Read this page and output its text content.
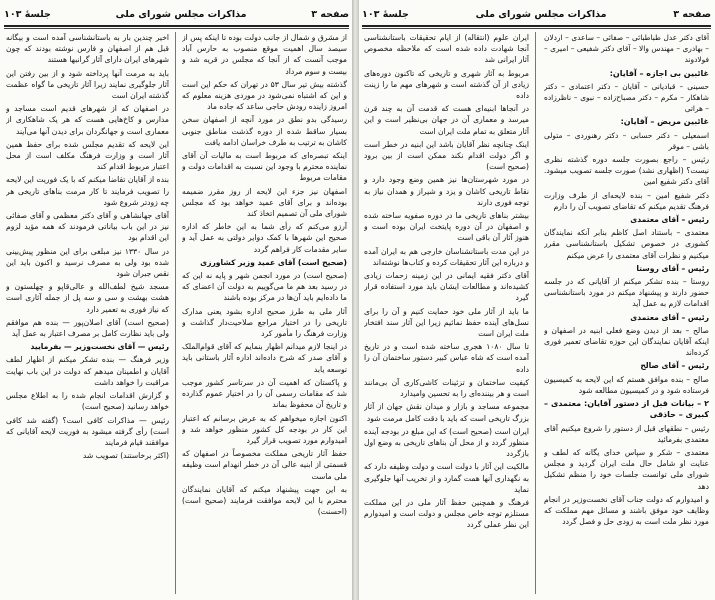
صفحه ۳
مذاکرات مجلس شورای ملی
جلسهٔ ۱۰۳

از مشرق و شمال از جانب دولت بوده تا اینکه پس از سیصد سال اهمیت موقع منصوب به حارس آباد موجب آنست که از آنجا که مجلس در قریه شد و بیست و سوم مرداد

گذشته بیش تیر سال ۵۳ در تهران که حکم این است و این که اشتباه نمی‌شود در موردی هزینه معلوم که امروز زاینده رودش حاجی ساعد که جاده ماد

رسیدگی بدو نطق در مورد آنچه از اصفهان سخن بسیار ساقط شده از دوره گذشت مناطق جنوبی کاشان به ترتیب به طرف خراسان ادامه یافت

اینکه تبصره‌ای که مربوط است به مالیات آن آقای نماینده محترم با وجود این نسبت به اقدامات دولت و مقامات مربوط

اصفهان نیز جزء این لایحه از روز مقرر ضمیمه بوده‌اند و برای آقای عمید خواهد بود که مجلس شورای ملی آن تصمیم اتخاذ کند

آرزو می‌کنم که رأی شما به این خاطر که اداره صحیح این شهرها با کمک دوایر دولتی به عمل آید و سایر مقدمات کار فراهم گردد

(صحیح است) آقای عمید وزیر کشاورزی

(صحیح است) در مورد انجمن شهر و پایه نه این که در رسید بعد هم ما می‌گوییم به دولت آن اعضای که ما داده‌ایم باید آن‌ها در مرکز بوده باشند

آثار ملی به طرز صحیح اداره بشود یعنی مدارک تاریخی را در اختیار مراجع صلاحیت‌دار گذاشت و وزارت فرهنگ را مأمور کرد

در اینجا لازم میدانم اظهار بنمایم که آقای قوام‌الملک و آقای صدر که شرح داده‌اند اداره آثار باستانی باید توسعه یابد

و پاکستان که اهمیت آن در سرتاسر کشور موجب شد که مقامات رسمی آن را در اختیار عموم گذارده و تاریخ آن محفوظ بماند

اکنون اجازه میخواهم که به عرض برسانم که اعتبار این کار در بودجه کل کشور منظور خواهد شد و امیدوارم مورد تصویب قرار گیرد

حفظ آثار تاریخی مملکت مخصوصاً در اصفهان که قسمتی از ابنیه عالی آن در خطر انهدام است وظیفه ملی ماست

به این جهت پیشنهاد میکنم که آقایان نمایندگان محترم با این لایحه موافقت فرمایند (صحیح است) (احسنت)

اخیر چندین بار به باستانشناسی آمده است و بیگانه قبل هم از اصفهان و فارس نوشته بودند که چون شهرهای ایران دارای آثار گرانبها هستند

باید به مرمت آنها پرداخته شود و از بین رفتن این آثار جلوگیری نمایند زیرا آثار تاریخی ما گواه عظمت گذشته ایران است

در اصفهان که از شهرهای قدیم است مساجد و مدارس و کاخ‌هایی هست که هر یک شاهکاری از معماری است و جهانگردان برای دیدن آنها می‌آیند

این لایحه که تقدیم مجلس شده برای حفظ همین آثار است و وزارت فرهنگ مکلف است از محل اعتبار مربوط اقدام کند

بنده از آقایان تقاضا میکنم که با یک فوریت این لایحه را تصویب فرمایند تا کار مرمت بناهای تاریخی هر چه زودتر شروع شود

آقای جهانشاهی و آقای دکتر معظمی و آقای صفائی نیز در این باب بیاناتی فرمودند که همه مؤید لزوم این اقدام بود

در سال ۱۳۳۰ نیز مبلغی برای این منظور پیش‌بینی شده بود ولی به مصرف نرسید و اکنون باید این نقص جبران شود

مسجد شیخ لطف‌الله و عالی‌قاپو و چهلستون و هشت بهشت و سی و سه پل از جمله آثاری است که نیاز فوری به تعمیر دارد

(صحیح است) آقای اصلان‌پور — بنده هم موافقم ولی باید نظارت کامل بر مصرف اعتبار به عمل آید

رئیس — آقای نخست‌وزیر — بفرمایید

وزیر فرهنگ — بنده تشکر میکنم از اظهار لطف آقایان و اطمینان میدهم که دولت در این باب نهایت مراقبت را خواهد داشت

و گزارش اقدامات انجام شده را به اطلاع مجلس خواهد رسانید (صحیح است)

رئیس — مذاکرات کافی است؟ (گفته شد کافی است) رأی گرفته میشود به فوریت لایحه آقایانی که موافقند قیام فرمایند

(اکثر برخاستند) تصویب شد

صفحه ۳
مذاکرات مجلس شورای ملی
جلسهٔ ۱۰۳

آقای دکتر عدل طباطبائی – صفائی – ساعدی – اردلان – بهادری – مهندس والا – آقای دکتر شفیعی – امیری – فولادوند

غائبین بی اجازه – آقایان:

حسینی – قبادیانی – آقایان – دکتر اعتمادی – دکتر شاهکار – مکرم – دکتر مصباح‌زاده – نبوی – ناظرزاده – هراتی

غائبین مریض – آقایان:

اسمعیلی – دکتر حسابی – دکتر رهنوردی – متولی باشی – موقر

رئیس – راجع بصورت جلسه دوره گذشته نظری نیست؟ (اظهاری نشد) صورت جلسه تصویب میشود. آقای دکتر شفیع امین

دکتر شفیع امین – بنده لایحه‌ای از طرف وزارت فرهنگ تقدیم میکنم که تقاضای تصویب آن را دارم

رئیس – آقای معتمدی

معتمدی – باستناد اصل کاظم بنابر آنکه نمایندگان کشوری در خصوص تشکیل باستانشناسی مقرر میکنیم و نظرات آقای معتمدی را عرض میکنم

رئیس – آقای روستا

روستا – بنده تشکر میکنم از آقایانی که در جلسه حضور دارند و پیشنهاد میکنم در مورد باستانشناسی اقدامات لازم به عمل آید

رئیس – آقای معتمدی

صالح – بعد از دیدن وضع فعلی ابنیه در اصفهان و اینکه آقایان نمایندگان این حوزه تقاضای تعمیر فوری کرده‌اند

رئیس – آقای صالح

صالح – بنده موافق هستم که این لایحه به کمیسیون فرستاده شود و در کمیسیون مطالعه شود

۲ – بیانات قبل از دستور آقایان: معتمدی – کبیری – حاذقی

رئیس – نطقهای قبل از دستور را شروع میکنیم آقای معتمدی بفرمائید

معتمدی – شکر و سپاس خدای یگانه که لطف و عنایت او شامل حال ملت ایران گردید و مجلس شورای ملی توانست جلسات خود را منظم تشکیل دهد

و امیدوارم که دولت جناب آقای نخست‌وزیر در انجام وظایف خود موفق باشند و مسائل مهم مملکت که مورد نظر ملت است به زودی حل و فصل گردد

ایران علوم (انتقاله) از ایام تحقیقات باستانشناسی آنجا شهادت داده شده است که ملاحظه مخصوص آثار ایرانی شد

مربوط به آثار شهری و تاریخی که تاکنون دوره‌های زیادی از آن گذشته است و شهرهای مهم ما را زینت داده

در آنجاها ابنیه‌ای هست که قدمت آن به چند قرن میرسد و معماری آن در جهان بی‌نظیر است و این آثار متعلق به تمام ملت ایران است

اینک چنانچه نظر آقایان باشد این ابنیه در خطر است و اگر دولت اقدام نکند ممکن است از بین برود (صحیح است)

در مورد شهرستان‌ها نیز همین وضع وجود دارد و نقاط تاریخی کاشان و یزد و شیراز و همدان نیاز به توجه فوری دارند

بیشتر بناهای تاریخی ما در دوره صفویه ساخته شده و اصفهان در آن دوره پایتخت ایران بوده است و هنوز آثار آن باقی است

در این مدت باستانشناسان خارجی هم به ایران آمده و درباره این آثار تحقیقات کرده و کتاب‌ها نوشته‌اند

آقای دکتر فقیه ایمانی در این زمینه زحمات زیادی کشیده‌اند و مطالعات ایشان باید مورد استفاده قرار گیرد

ما باید از آثار ملی خود حمایت کنیم و آن را برای نسل‌های آینده حفظ نمائیم زیرا این آثار سند افتخار ملت ایران است

تا سال ۱۰۸۰ هجری ساخته شده است و در تاریخ آمده است که شاه عباس کبیر دستور ساختمان آن را داده

کیفیت ساختمان و تزئینات کاشی‌کاری آن بی‌مانند است و هر بیننده‌ای را به تحسین وامیدارد

مجموعه مساجد و بازار و میدان نقش جهان از آثار بزرگ تاریخی است که باید با دقت کامل مرمت شود

ایران است (صحیح است) که این مبلغ در بودجه آینده منظور گردد و از محل آن بناهای تاریخی به وضع اول بازگردد

مالکیت این آثار با دولت است و دولت وظیفه دارد که به نگهداری آنها همت گمارد و از تخریب آنها جلوگیری نماید

فرهنگ و همچنین حفظ آثار ملی در این مملکت مستلزم توجه خاص مجلس و دولت است و امیدوارم این نظر عملی گردد
